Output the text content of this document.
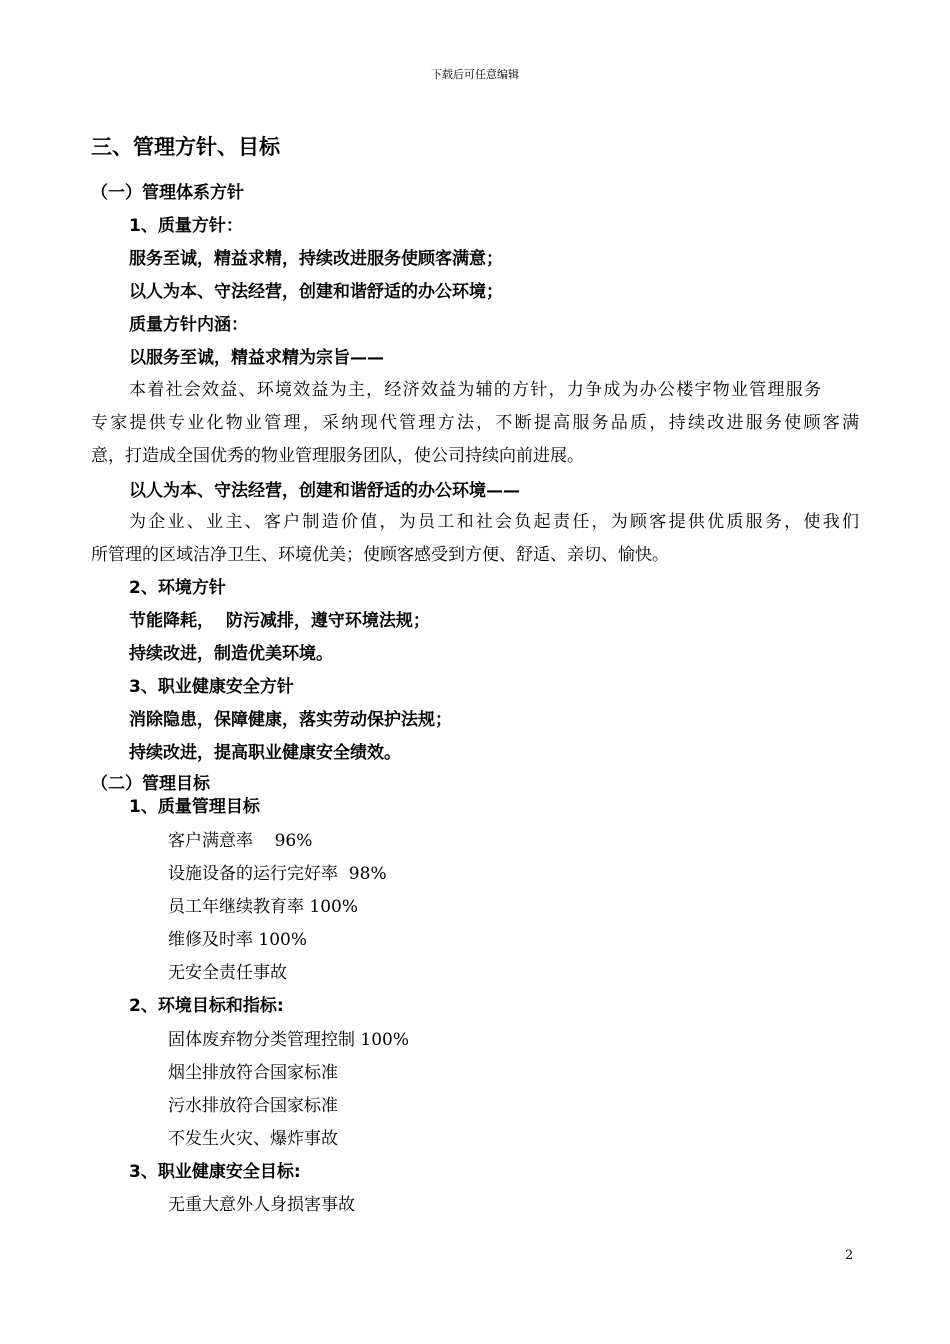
下载后可任意编辑
三、管理方针、目标
（一）管理体系方针
1、质量方针：
服务至诚，精益求精，持续改进服务使顾客满意；
以人为本、守法经营，创建和谐舒适的办公环境；
质量方针内涵：
以服务至诚，精益求精为宗旨——
本着社会效益、环境效益为主，经济效益为辅的方针，力争成为办公楼宇物业管理服务
专家提供专业化物业管理，采纳现代管理方法，不断提高服务品质，持续改进服务使顾客满
意，打造成全国优秀的物业管理服务团队，使公司持续向前进展。
以人为本、守法经营，创建和谐舒适的办公环境——
为企业、业主、客户制造价值，为员工和社会负起责任，为顾客提供优质服务，使我们
所管理的区域洁净卫生、环境优美；使顾客感受到方便、舒适、亲切、愉快。
2、环境方针
节能降耗，  防污减排，遵守环境法规；
持续改进，制造优美环境。
3、职业健康安全方针
消除隐患，保障健康，落实劳动保护法规；
持续改进，提高职业健康安全绩效。
（二）管理目标
1、质量管理目标
客户满意率    96%
设施设备的运行完好率  98%
员工年继续教育率 100%
维修及时率 100%
无安全责任事故
2、环境目标和指标:
固体废弃物分类管理控制 100%
烟尘排放符合国家标准
污水排放符合国家标准
不发生火灾、爆炸事故
3、职业健康安全目标:
无重大意外人身损害事故
2
